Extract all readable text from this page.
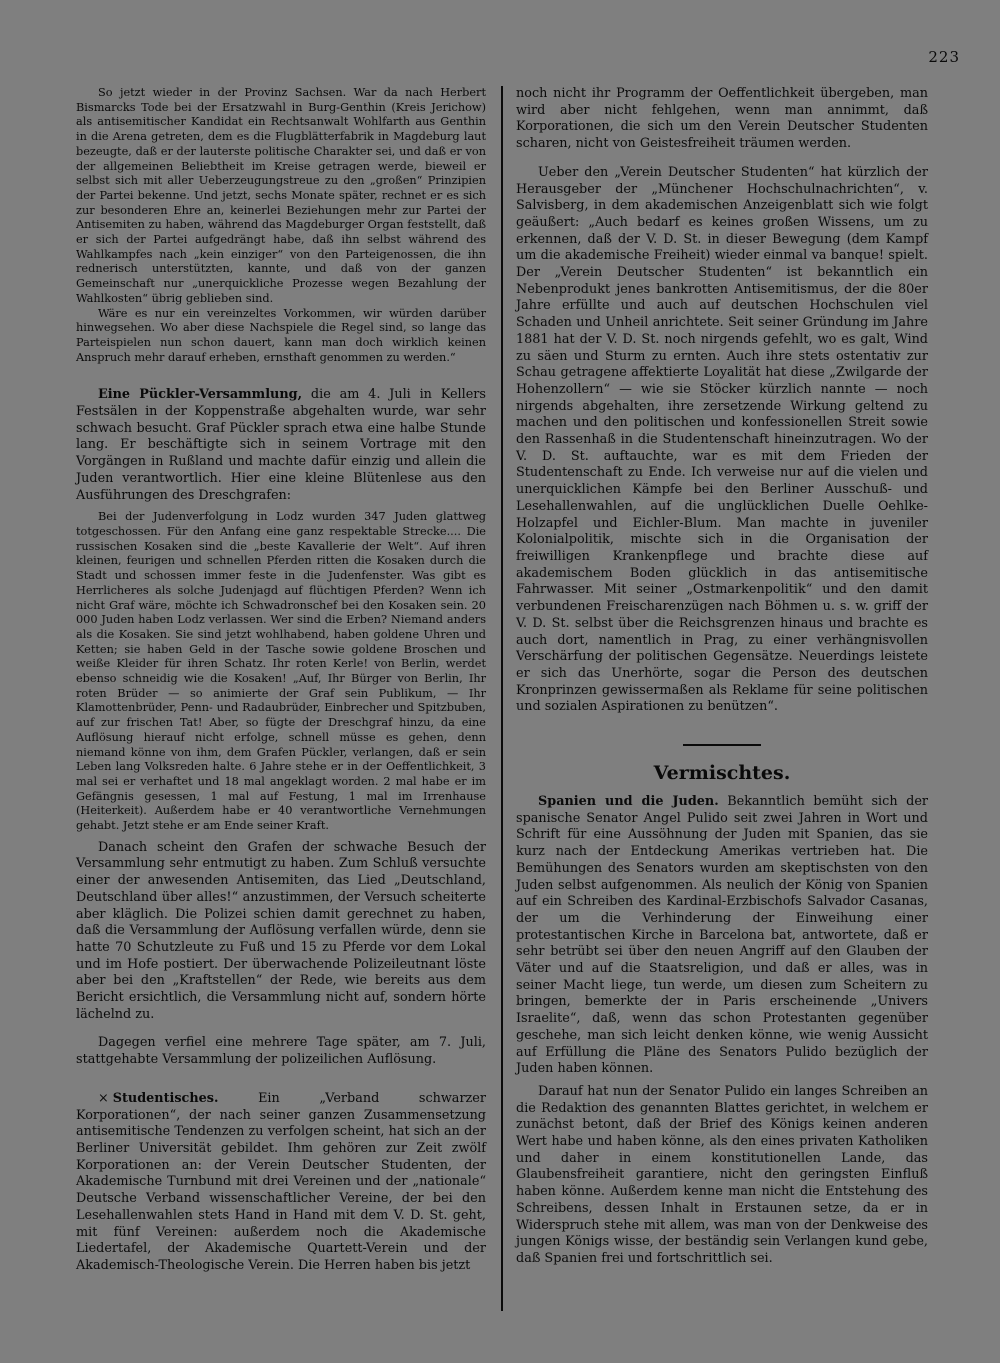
223

So jetzt wieder in der Provinz Sachsen. War da nach Herbert Bismarcks Tode bei der Ersatzwahl in Burg-Genthin (Kreis Jerichow) als antisemitischer Kandidat ein Rechtsanwalt Wohlfarth aus Genthin in die Arena getreten, dem es die Flugblätterfabrik in Magdeburg laut bezeugte, daß er der lauterste politische Charakter sei, und daß er von der allgemeinen Beliebtheit im Kreise getragen werde, bieweil er selbst sich mit aller Ueberzeugungstreue zu den „großen“ Prinzipien der Partei bekenne. Und jetzt, sechs Monate später, rechnet er es sich zur besonderen Ehre an, keinerlei Beziehungen mehr zur Partei der Antisemiten zu haben, während das Magdeburger Organ feststellt, daß er sich der Partei aufgedrängt habe, daß ihn selbst während des Wahlkampfes nach „kein einziger“ von den Parteigenossen, die ihn rednerisch unterstützten, kannte, und daß von der ganzen Gemeinschaft nur „unerquickliche Prozesse wegen Bezahlung der Wahlkosten“ übrig geblieben sind.

Wäre es nur ein vereinzeltes Vorkommen, wir würden darüber hinwegsehen. Wo aber diese Nachspiele die Regel sind, so lange das Parteispielen nun schon dauert, kann man doch wirklich keinen Anspruch mehr darauf erheben, ernsthaft genommen zu werden.“

Eine Pückler-Versammlung, die am 4. Juli in Kellers Festsälen in der Koppenstraße abgehalten wurde, war sehr schwach besucht. Graf Pückler sprach etwa eine halbe Stunde lang. Er beschäftigte sich in seinem Vortrage mit den Vorgängen in Rußland und machte dafür einzig und allein die Juden verantwortlich. Hier eine kleine Blütenlese aus den Ausführungen des Dreschgrafen:

Bei der Judenverfolgung in Lodz wurden 347 Juden glattweg totgeschossen. Für den Anfang eine ganz respektable Strecke.... Die russischen Kosaken sind die „beste Kavallerie der Welt“. Auf ihren kleinen, feurigen und schnellen Pferden ritten die Kosaken durch die Stadt und schossen immer feste in die Judenfenster. Was gibt es Herrlicheres als solche Judenjagd auf flüchtigen Pferden? Wenn ich nicht Graf wäre, möchte ich Schwadronschef bei den Kosaken sein. 20 000 Juden haben Lodz verlassen. Wer sind die Erben? Niemand anders als die Kosaken. Sie sind jetzt wohlhabend, haben goldene Uhren und Ketten; sie haben Geld in der Tasche sowie goldene Broschen und weiße Kleider für ihren Schatz. Ihr roten Kerle! von Berlin, werdet ebenso schneidig wie die Kosaken! „Auf, Ihr Bürger von Berlin, Ihr roten Brüder — so animierte der Graf sein Publikum, — Ihr Klamottenbrüder, Penn- und Radaubrüder, Einbrecher und Spitzbuben, auf zur frischen Tat! Aber, so fügte der Dreschgraf hinzu, da eine Auflösung hierauf nicht erfolge, schnell müsse es gehen, denn niemand könne von ihm, dem Grafen Pückler, verlangen, daß er sein Leben lang Volksreden halte. 6 Jahre stehe er in der Oeffentlichkeit, 3 mal sei er verhaftet und 18 mal angeklagt worden. 2 mal habe er im Gefängnis gesessen, 1 mal auf Festung, 1 mal im Irrenhause (Heiterkeit). Außerdem habe er 40 verantwortliche Vernehmungen gehabt. Jetzt stehe er am Ende seiner Kraft.

Danach scheint den Grafen der schwache Besuch der Versammlung sehr entmutigt zu haben. Zum Schluß versuchte einer der anwesenden Antisemiten, das Lied „Deutschland, Deutschland über alles!“ anzustimmen, der Versuch scheiterte aber kläglich. Die Polizei schien damit gerechnet zu haben, daß die Versammlung der Auflösung verfallen würde, denn sie hatte 70 Schutzleute zu Fuß und 15 zu Pferde vor dem Lokal und im Hofe postiert. Der überwachende Polizeileutnant löste aber bei den „Kraftstellen“ der Rede, wie bereits aus dem Bericht ersichtlich, die Versammlung nicht auf, sondern hörte lächelnd zu.

Dagegen verfiel eine mehrere Tage später, am 7. Juli, stattgehabte Versammlung der polizeilichen Auflösung.

× Studentisches.	Ein „Verband schwarzer Korporationen“, der nach seiner ganzen Zusammensetzung antisemitische Tendenzen zu verfolgen scheint, hat sich an der Berliner Universität gebildet. Ihm gehören zur Zeit zwölf Korporationen an: der Verein Deutscher Studenten, der Akademische Turnbund mit drei Vereinen und der „nationale“ Deutsche Verband wissenschaftlicher Vereine, der bei den Lesehallenwahlen stets Hand in Hand mit dem V. D. St. geht, mit fünf Vereinen: außerdem noch die Akademische Liedertafel, der Akademische Quartett-Verein und der Akademisch-Theologische Verein. Die Herren haben bis jetzt

noch nicht ihr Programm der Oeffentlichkeit übergeben, man wird aber nicht fehlgehen, wenn man annimmt, daß Korporationen, die sich um den Verein Deutscher Studenten scharen, nicht von Geistesfreiheit träumen werden.

Ueber den „Verein Deutscher Studenten“ hat kürzlich der Herausgeber der „Münchener Hochschulnachrichten“, v. Salvisberg, in dem akademischen Anzeigenblatt sich wie folgt geäußert: „Auch bedarf es keines großen Wissens, um zu erkennen, daß der V. D. St. in dieser Bewegung (dem Kampf um die akademische Freiheit) wieder einmal va banque! spielt. Der „Verein Deutscher Studenten“ ist bekanntlich ein Nebenprodukt jenes bankrotten Antisemitismus, der die 80er Jahre erfüllte und auch auf deutschen Hochschulen viel Schaden und Unheil anrichtete. Seit seiner Gründung im Jahre 1881 hat der V. D. St. noch nirgends gefehlt, wo es galt, Wind zu säen und Sturm zu ernten. Auch ihre stets ostentativ zur Schau getragene affektierte Loyalität hat diese „Zwilgarde der Hohenzollern“ — wie sie Stöcker kürzlich nannte — noch nirgends abgehalten, ihre zersetzende Wirkung geltend zu machen und den politischen und konfessionellen Streit sowie den Rassenhaß in die Studentenschaft hineinzutragen. Wo der V. D. St. auftauchte, war es mit dem Frieden der Studentenschaft zu Ende. Ich verweise nur auf die vielen und unerquicklichen Kämpfe bei den Berliner Ausschuß- und Lesehallenwahlen, auf die unglücklichen Duelle Oehlke-Holzapfel und Eichler-Blum. Man machte in juveniler Kolonialpolitik, mischte sich in die Organisation der freiwilligen Krankenpflege und brachte diese auf akademischem Boden glücklich in das antisemitische Fahrwasser. Mit seiner „Ostmarkenpolitik“ und den damit verbundenen Freischarenzügen nach Böhmen u. s. w. griff der V. D. St. selbst über die Reichsgrenzen hinaus und brachte es auch dort, namentlich in Prag, zu einer verhängnisvollen Verschärfung der politischen Gegensätze. Neuerdings leistete er sich das Unerhörte, sogar die Person des deutschen Kronprinzen gewissermaßen als Reklame für seine politischen und sozialen Aspirationen zu benützen“.

Vermischtes.

Spanien und die Juden. Bekanntlich bemüht sich der spanische Senator Angel Pulido seit zwei Jahren in Wort und Schrift für eine Aussöhnung der Juden mit Spanien, das sie kurz nach der Entdeckung Amerikas vertrieben hat. Die Bemühungen des Senators wurden am skeptischsten von den Juden selbst aufgenommen. Als neulich der König von Spanien auf ein Schreiben des Kardinal-Erzbischofs Salvador Casanas, der um die Verhinderung der Einweihung einer protestantischen Kirche in Barcelona bat, antwortete, daß er sehr betrübt sei über den neuen Angriff auf den Glauben der Väter und auf die Staatsreligion, und daß er alles, was in seiner Macht liege, tun werde, um diesen zum Scheitern zu bringen, bemerkte der in Paris erscheinende „Univers Israelite“, daß, wenn das schon Protestanten gegenüber geschehe, man sich leicht denken könne, wie wenig Aussicht auf Erfüllung die Pläne des Senators Pulido bezüglich der Juden haben können.

Darauf hat nun der Senator Pulido ein langes Schreiben an die Redaktion des genannten Blattes gerichtet, in welchem er zunächst betont, daß der Brief des Königs keinen anderen Wert habe und haben könne, als den eines privaten Katholiken und daher in einem konstitutionellen Lande, das Glaubensfreiheit garantiere, nicht den geringsten Einfluß haben könne. Außerdem kenne man nicht die Entstehung des Schreibens, dessen Inhalt in Erstaunen setze, da er in Widerspruch stehe mit allem, was man von der Denkweise des jungen Königs wisse, der beständig sein Verlangen kund gebe, daß Spanien frei und fortschrittlich sei.
